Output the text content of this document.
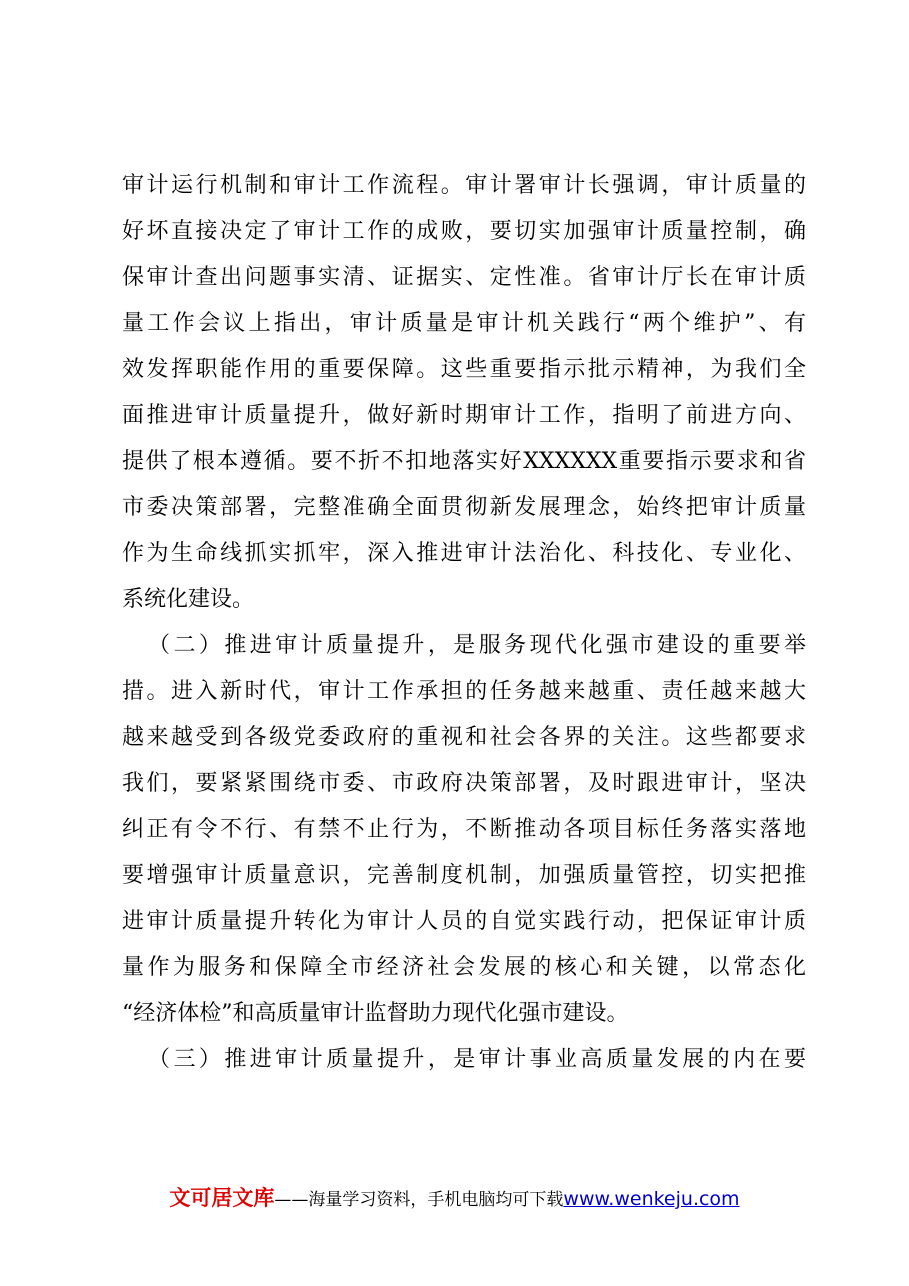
审计运行机制和审计工作流程。审计署审计长强调，审计质量的
好坏直接决定了审计工作的成败，要切实加强审计质量控制，确
保审计查出问题事实清、证据实、定性准。省审计厅长在审计质
量工作会议上指出，审计质量是审计机关践行“两个维护”、有
效发挥职能作用的重要保障。这些重要指示批示精神，为我们全
面推进审计质量提升，做好新时期审计工作，指明了前进方向、
提供了根本遵循。要不折不扣地落实好XXXXXX重要指示要求和省
市委决策部署，完整准确全面贯彻新发展理念，始终把审计质量
作为生命线抓实抓牢，深入推进审计法治化、科技化、专业化、
系统化建设。
（二）推进审计质量提升，是服务现代化强市建设的重要举
措。进入新时代，审计工作承担的任务越来越重、责任越来越大
越来越受到各级党委政府的重视和社会各界的关注。这些都要求
我们，要紧紧围绕市委、市政府决策部署，及时跟进审计，坚决
纠正有令不行、有禁不止行为，不断推动各项目标任务落实落地
要增强审计质量意识，完善制度机制，加强质量管控，切实把推
进审计质量提升转化为审计人员的自觉实践行动，把保证审计质
量作为服务和保障全市经济社会发展的核心和关键，以常态化
“经济体检”和高质量审计监督助力现代化强市建设。
（三）推进审计质量提升，是审计事业高质量发展的内在要
文可居文库——海量学习资料，手机电脑均可下载www.wenkeju.com
